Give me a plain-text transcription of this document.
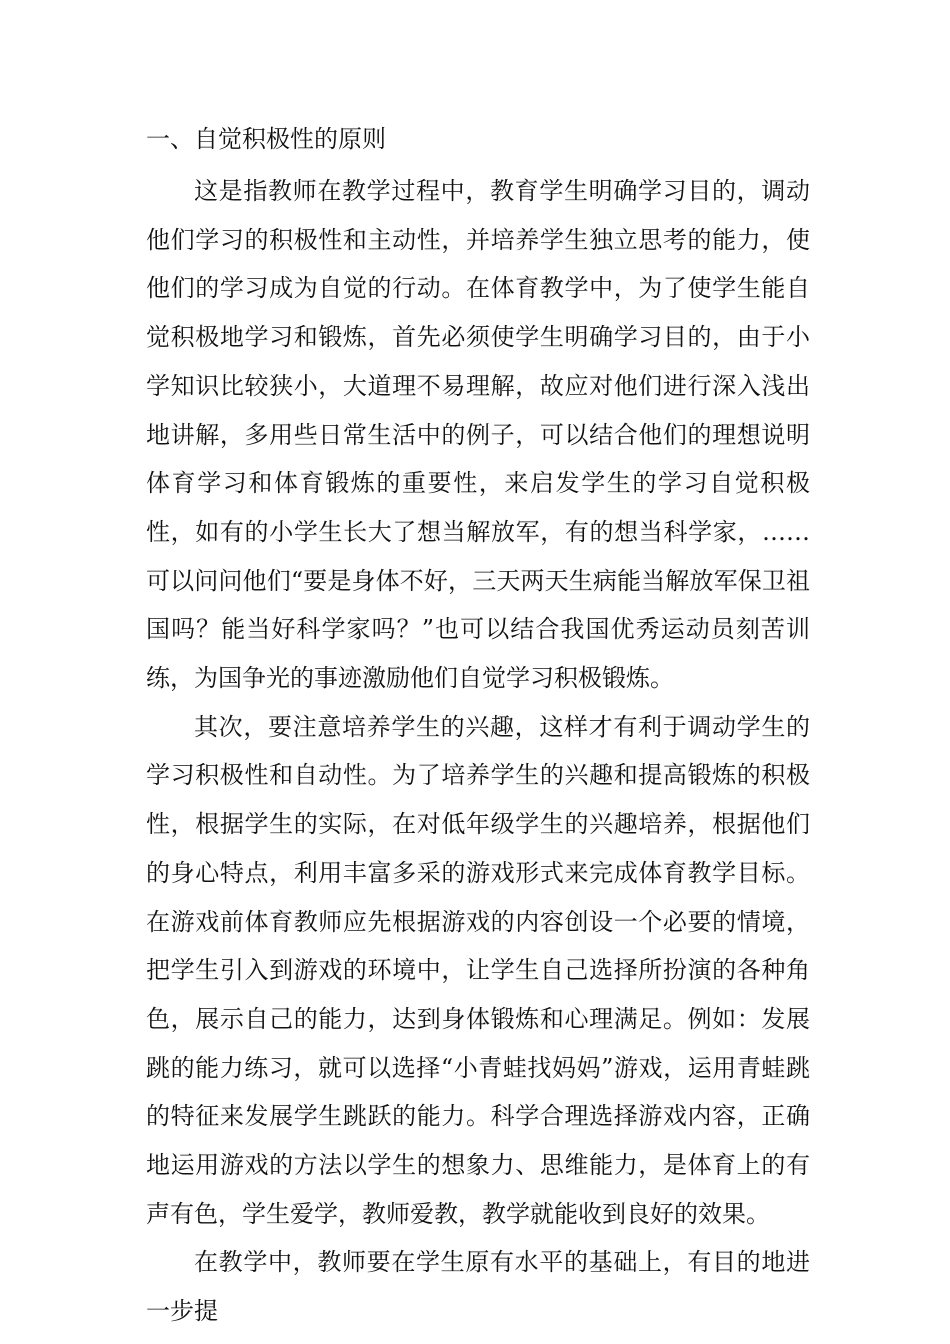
一、自觉积极性的原则

这是指教师在教学过程中，教育学生明确学习目的，调动他们学习的积极性和主动性，并培养学生独立思考的能力，使他们的学习成为自觉的行动。在体育教学中，为了使学生能自觉积极地学习和锻炼，首先必须使学生明确学习目的，由于小学知识比较狭小，大道理不易理解，故应对他们进行深入浅出地讲解，多用些日常生活中的例子，可以结合他们的理想说明体育学习和体育锻炼的重要性，来启发学生的学习自觉积极性，如有的小学生长大了想当解放军，有的想当科学家，……可以问问他们“要是身体不好，三天两天生病能当解放军保卫祖国吗？能当好科学家吗？”也可以结合我国优秀运动员刻苦训练，为国争光的事迹激励他们自觉学习积极锻炼。

其次，要注意培养学生的兴趣，这样才有利于调动学生的学习积极性和自动性。为了培养学生的兴趣和提高锻炼的积极性，根据学生的实际，在对低年级学生的兴趣培养，根据他们的身心特点，利用丰富多采的游戏形式来完成体育教学目标。在游戏前体育教师应先根据游戏的内容创设一个必要的情境，把学生引入到游戏的环境中，让学生自己选择所扮演的各种角色，展示自己的能力，达到身体锻炼和心理满足。例如：发展跳的能力练习，就可以选择“小青蛙找妈妈”游戏，运用青蛙跳的特征来发展学生跳跃的能力。科学合理选择游戏内容，正确地运用游戏的方法以学生的想象力、思维能力，是体育上的有声有色，学生爱学，教师爱教，教学就能收到良好的效果。

在教学中，教师要在学生原有水平的基础上，有目的地进一步提
